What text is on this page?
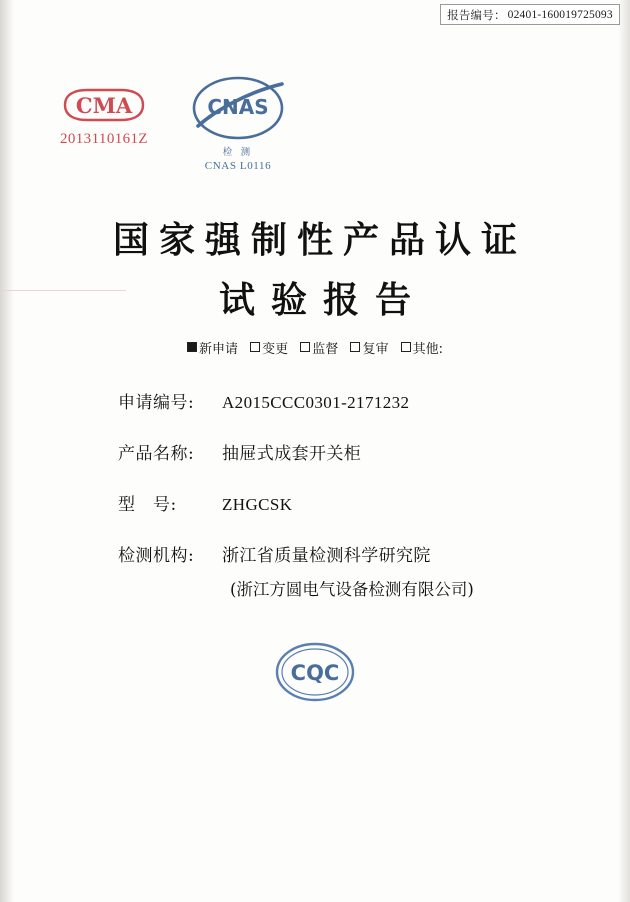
报告编号： 02401-160019725093
CMA
2013110161Z
CNAS
检 测
CNAS L0116
国家强制性产品认证
试验报告
新申请 变更 监督 复审 其他:
申请编号:	A2015CCC0301-2171232
产品名称:	抽屉式成套开关柜
型　号:	ZHGCSK
检测机构:	浙江省质量检测科学研究院
(浙江方圆电气设备检测有限公司)
CQC
